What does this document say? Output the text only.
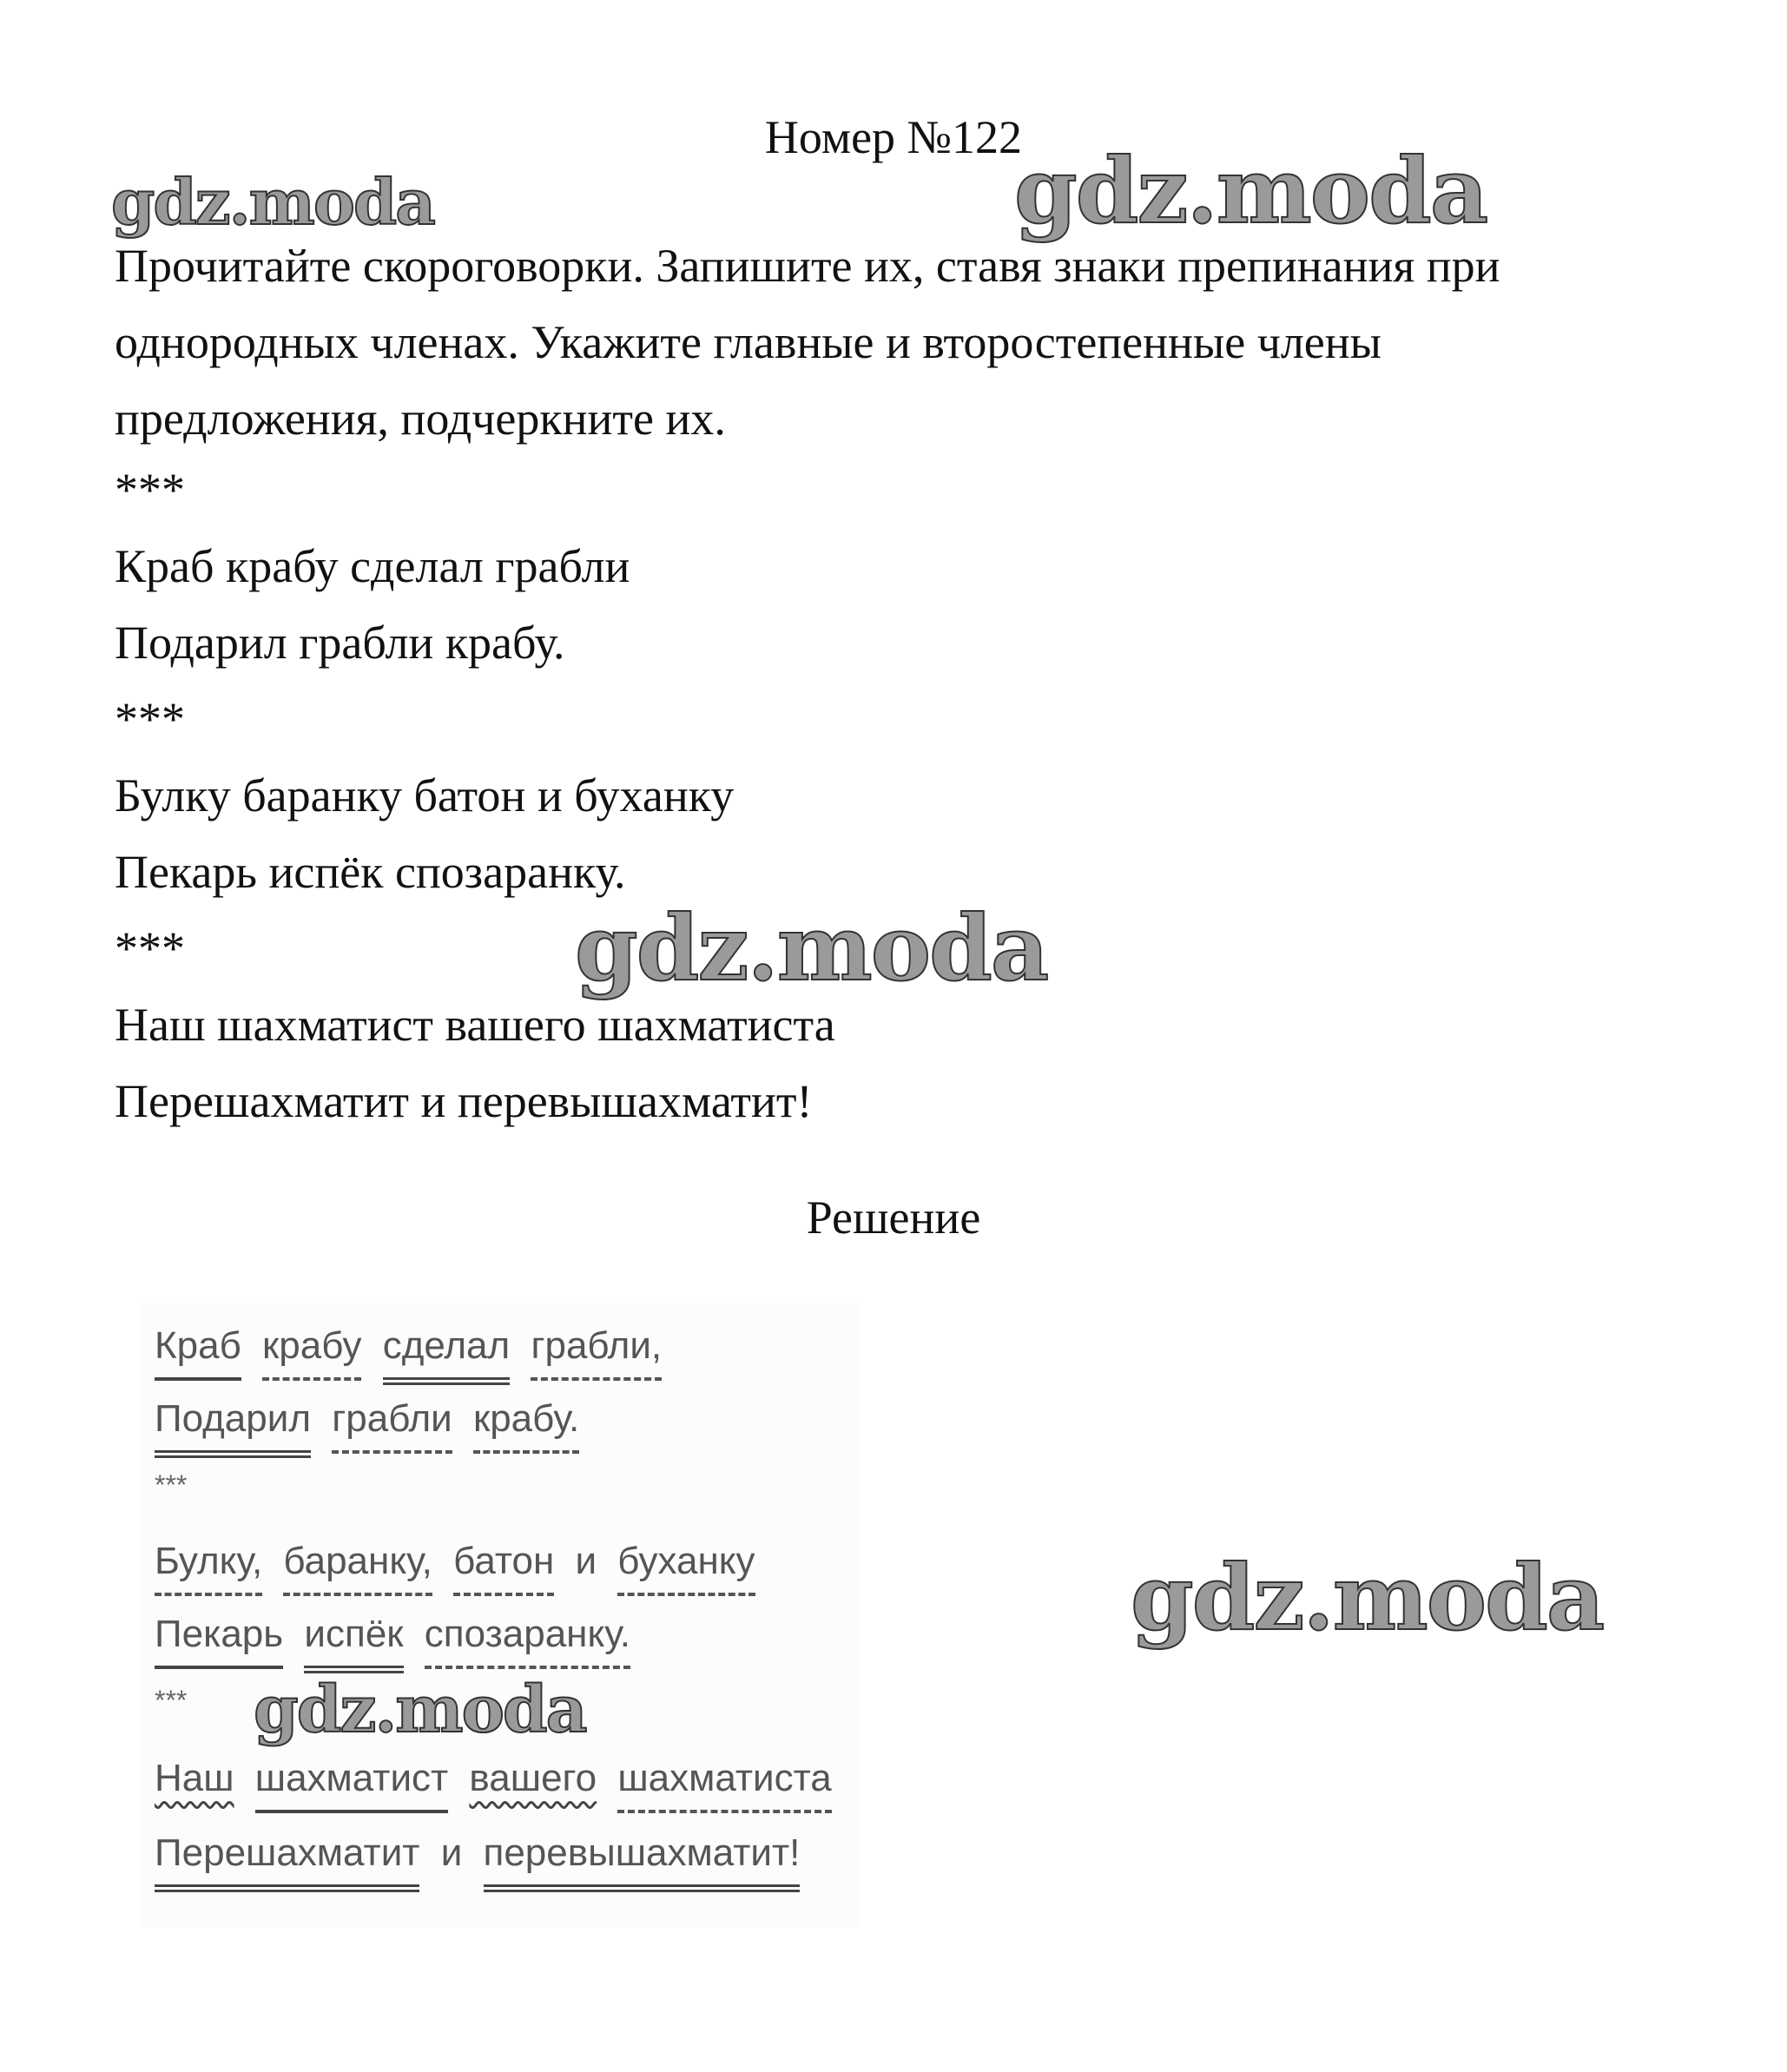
Номер №122

Прочитайте скороговорки. Запишите их, ставя знаки препинания при

однородных членах. Укажите главные и второстепенные члены

предложения, подчеркните их.

***
Краб крабу сделал грабли
Подарил грабли крабу.
***
Булку баранку батон и буханку
Пекарь испёк спозаранку.
***
Наш шахматист вашего шахматиста
Перешахматит и перевышахматит!
Решение
Краб крабу сделал грабли,
Подарил грабли крабу.
***
Булку, баранку, батон и буханку
Пекарь испёк спозаранку.
***
Наш шахматист вашего шахматиста
Перешахматит и перевышахматит!
gdz.moda	gdz.moda
gdz.moda
gdz.moda
gdz.moda
